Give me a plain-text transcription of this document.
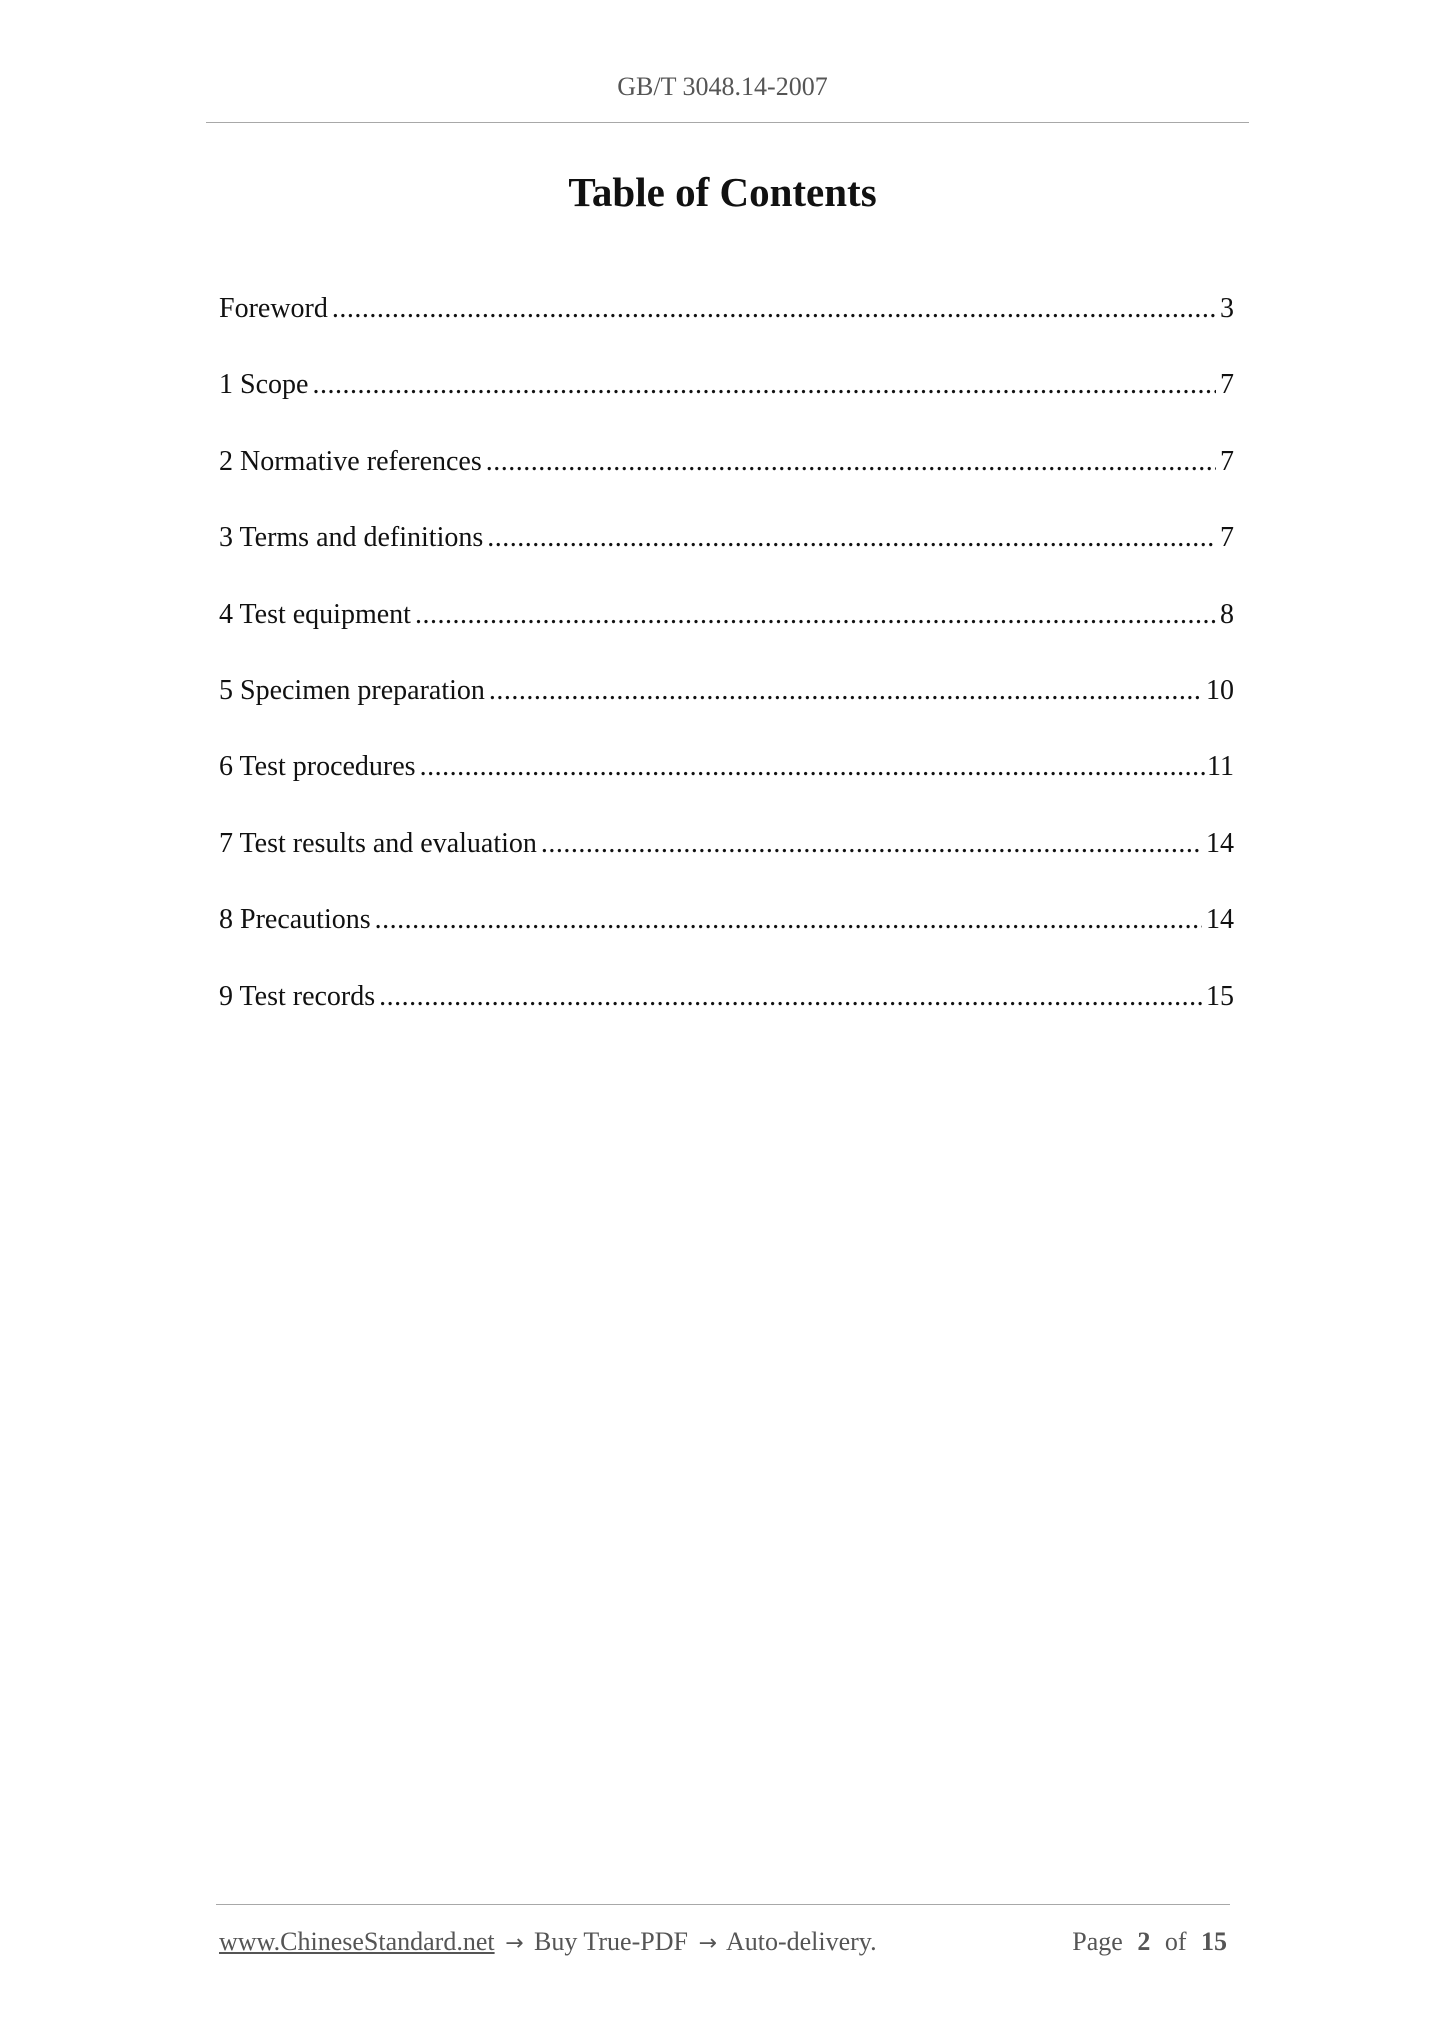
GB/T 3048.14-2007
Table of Contents
Foreword .....	3
1 Scope .....	7
2 Normative references .....	7
3 Terms and definitions .....	7
4 Test equipment .....	8
5 Specimen preparation .....	10
6 Test procedures .....	11
7 Test results and evaluation .....	14
8 Precautions .....	14
9 Test records .....	15
www.ChineseStandard.net → Buy True-PDF → Auto-delivery.	Page 2 of 15
